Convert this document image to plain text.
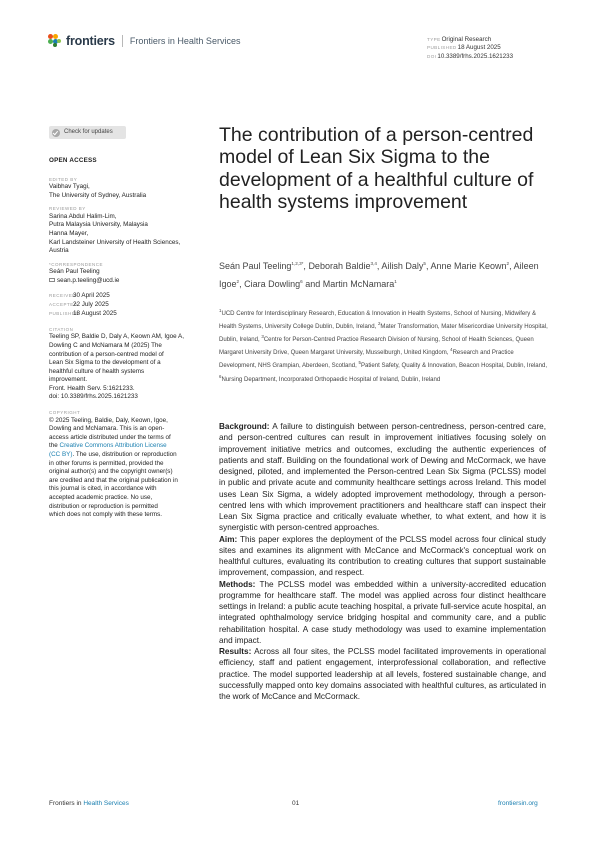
frontiers Frontiers in Health Services	TYPEOriginal Research
PUBLISHED18 August 2025
DOI10.3389/frhs.2025.1621233
Check for updates
OPEN ACCESS
EDITED BY
Vaibhav Tyagi,
The University of Sydney, Australia
REVIEWED BY
Sarina Abdul Halim-Lim,
Putra Malaysia University, Malaysia
Hanna Mayer,
Karl Landsteiner University of Health Sciences,
Austria
*CORRESPONDENCE
Seán Paul Teeling
sean.p.teeling@ucd.ie
RECEIVED
30 April 2025
ACCEPTED
22 July 2025
PUBLISHED
18 August 2025
CITATION
Teeling SP, Baldie D, Daly A, Keown AM, Igoe A,
Dowling C and McNamara M (2025) The
contribution of a person-centred model of
Lean Six Sigma to the development of a
healthful culture of health systems
improvement.
Front. Health Serv. 5:1621233.
doi: 10.3389/frhs.2025.1621233
COPYRIGHT
© 2025 Teeling, Baldie, Daly, Keown, Igoe,
Dowling and McNamara. This is an open-
access article distributed under the terms of
the Creative Commons Attribution License
(CC BY). The use, distribution or reproduction
in other forums is permitted, provided the
original author(s) and the copyright owner(s)
are credited and that the original publication in
this journal is cited, in accordance with
accepted academic practice. No use,
distribution or reproduction is permitted
which does not comply with these terms.
The contribution of a person-centred model of Lean Six Sigma to the development of a healthful culture of health systems improvement
Seán Paul Teeling$^{1,2,3*}$, Deborah Baldie$^{3,4}$, Ailish Daly$^5$, Anne Marie Keown$^2$, Aileen Igoe$^2$, Ciara Dowling$^6$ and Martin McNamara$^1$
$^1$UCD Centre for Interdisciplinary Research, Education & Innovation in Health Systems, School of Nursing, Midwifery & Health Systems, University College Dublin, Dublin, Ireland, $^2$Mater Transformation, Mater Misericordiae University Hospital, Dublin, Ireland, $^3$Centre for Person-Centred Practice Research Division of Nursing, School of Health Sciences, Queen Margaret University Drive, Queen Margaret University, Musselburgh, United Kingdom, $^4$Research and Practice Development, NHS Grampian, Aberdeen, Scotland, $^5$Patient Safety, Quality & Innovation, Beacon Hospital, Dublin, Ireland, $^6$Nursing Department, Incorporated Orthopaedic Hospital of Ireland, Dublin, Ireland

Background: A failure to distinguish between person-centredness, person-centred care, and person-centred cultures can result in improvement initiatives focusing solely on improvement initiative metrics and outcomes, excluding the authentic experiences of patients and staff. Building on the foundational work of Dewing and McCormack, we have designed, piloted, and implemented the Person-centred Lean Six Sigma (PCLSS) model in public and private acute and community healthcare settings across Ireland. This model uses Lean Six Sigma, a widely adopted improvement methodology, through a person-centred lens with which improvement practitioners and healthcare staff can inspect their Lean Six Sigma practice and critically evaluate whether, to what extent, and how it is synergistic with person-centred approaches.

Aim: This paper explores the deployment of the PCLSS model across four clinical study sites and examines its alignment with McCance and McCormack's conceptual work on healthful cultures, evaluating its contribution to creating cultures that support sustainable improvement, compassion, and respect.

Methods: The PCLSS model was embedded within a university-accredited education programme for healthcare staff. The model was applied across four distinct healthcare settings in Ireland: a public acute teaching hospital, a private full-service acute hospital, an integrated ophthalmology service bridging hospital and community care, and a public rehabilitation hospital. A case study methodology was used to examine implementation and impact.

Results: Across all four sites, the PCLSS model facilitated improvements in operational efficiency, staff and patient engagement, interprofessional collaboration, and reflective practice. The model supported leadership at all levels, fostered sustainable change, and successfully mapped onto key domains associated with healthful cultures, as articulated in the work of McCance and McCormack.

Frontiers in Health Services	01	frontiersin.org
